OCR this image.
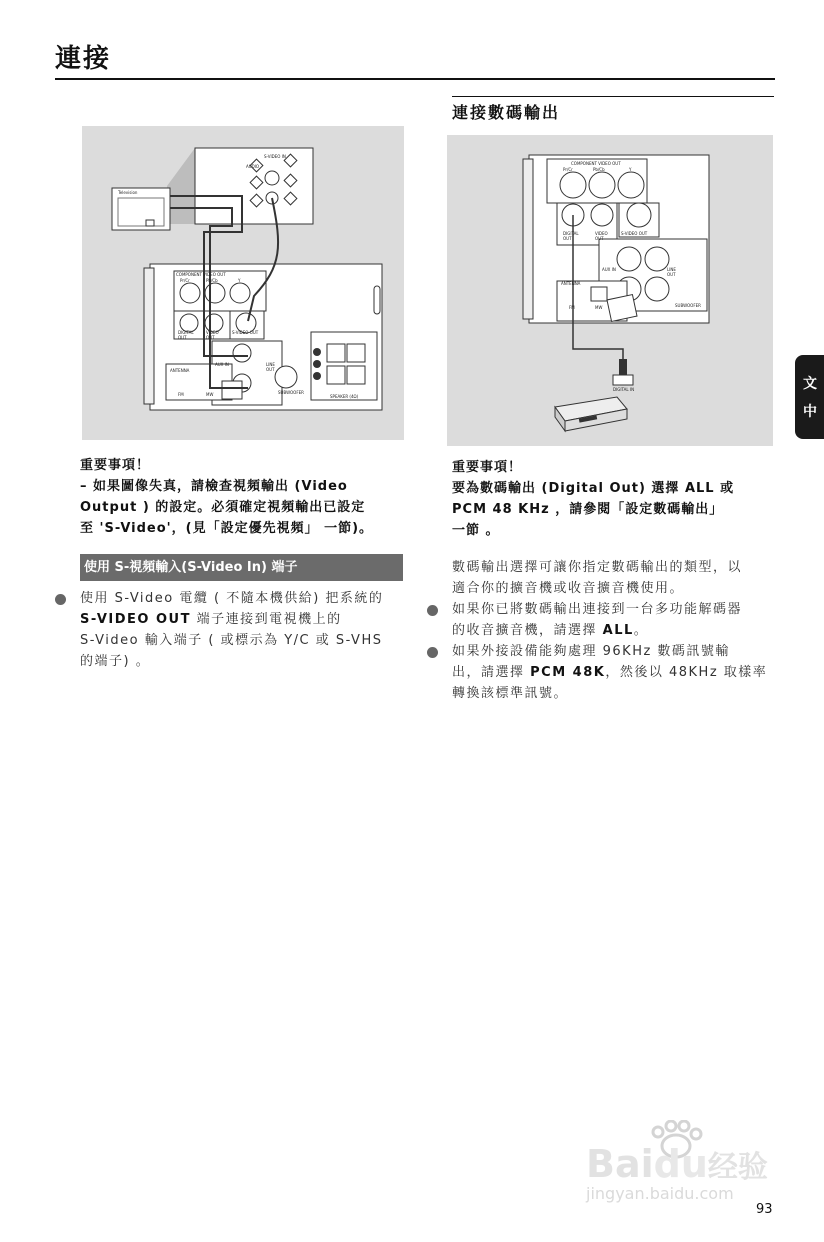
連接
連接數碼輸出
Television
S-VIDEO IN
AUDIO
COMPONENT VIDEO OUT
Pr/Cr	Pb/Cb	Y
DIGITAL OUT
VIDEO OUT
S-VIDEO OUT
AUX IN	LINE OUT
ANTENNA
FM	MW	SUBWOOFER
SPEAKER (4Ω)
COMPONENT VIDEO OUT
Pr/Cr	Pb/Cb	Y
DIGITAL OUT
VIDEO OUT
S-VIDEO OUT
AUX IN	LINE OUT
ANTENNA
FM	MW	SUBWOOFER
DIGITAL IN

重要事項！

– 如果圖像失真，請檢查視頻輸出 (Video

Output ) 的設定。必須確定視頻輸出已設定

至 'S-Video'，(見「設定優先視頻」 一節)。

使用 S-視頻輸入(S-Video In) 端子
使用 S-Video 電纜 ( 不隨本機供給) 把系統的
S-VIDEO OUT 端子連接到電視機上的
S-Video 輸入端子 ( 或標示為 Y/C 或 S-VHS
的端子) 。

重要事項！

要為數碼輸出 (Digital Out) 選擇 ALL 或

PCM 48 KHz ，請參閱「設定數碼輸出」

一節 。

數碼輸出選擇可讓你指定數碼輸出的類型，以
適合你的擴音機或收音擴音機使用。
如果你已將數碼輸出連接到一台多功能解碼器
的收音擴音機，請選擇 ALL。
如果外接設備能夠處理 96KHz 數碼訊號輸
出，請選擇 PCM 48K，然後以 48KHz 取樣率
轉換該標準訊號。
中
文
Baidu经验
jingyan.baidu.com
93
